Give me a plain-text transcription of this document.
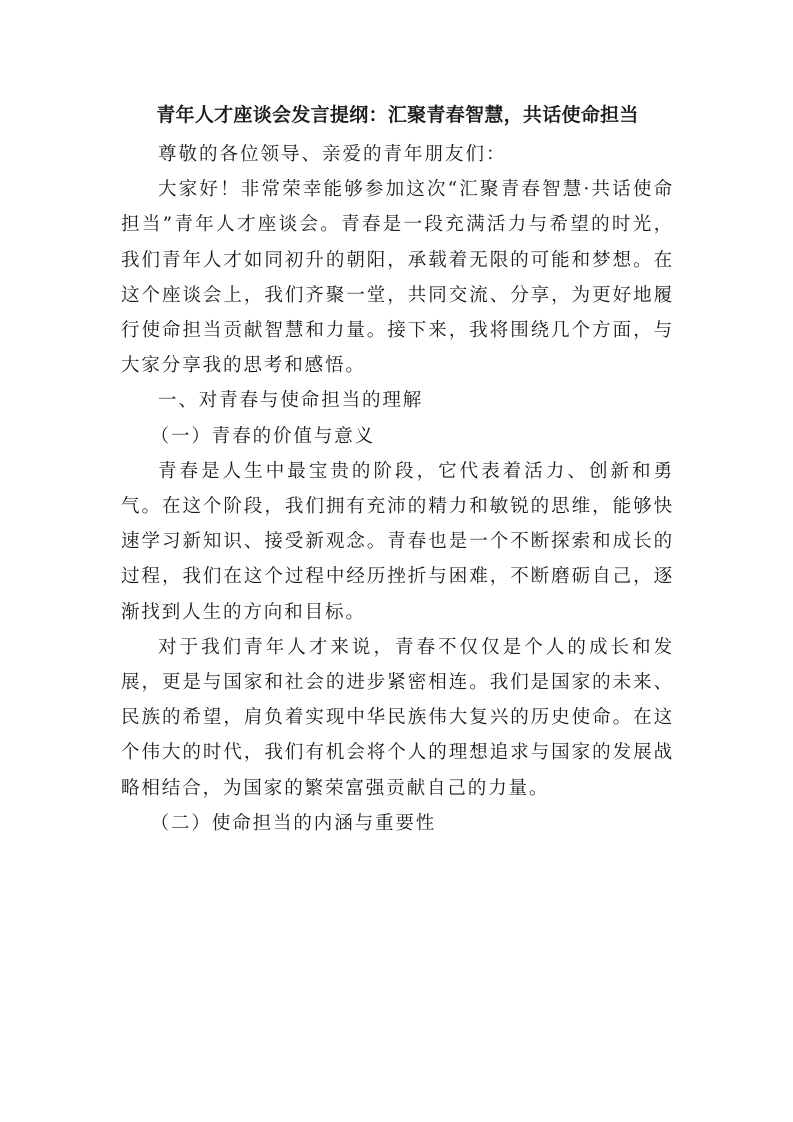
青年人才座谈会发言提纲：汇聚青春智慧，共话使命担当

尊敬的各位领导、亲爱的青年朋友们：

大家好！非常荣幸能够参加这次“汇聚青春智慧·共话使命担当”青年人才座谈会。青春是一段充满活力与希望的时光，我们青年人才如同初升的朝阳，承载着无限的可能和梦想。在这个座谈会上，我们齐聚一堂，共同交流、分享，为更好地履行使命担当贡献智慧和力量。接下来，我将围绕几个方面，与大家分享我的思考和感悟。

一、对青春与使命担当的理解

（一）青春的价值与意义

青春是人生中最宝贵的阶段，它代表着活力、创新和勇气。在这个阶段，我们拥有充沛的精力和敏锐的思维，能够快速学习新知识、接受新观念。青春也是一个不断探索和成长的过程，我们在这个过程中经历挫折与困难，不断磨砺自己，逐渐找到人生的方向和目标。

对于我们青年人才来说，青春不仅仅是个人的成长和发展，更是与国家和社会的进步紧密相连。我们是国家的未来、民族的希望，肩负着实现中华民族伟大复兴的历史使命。在这个伟大的时代，我们有机会将个人的理想追求与国家的发展战略相结合，为国家的繁荣富强贡献自己的力量。

（二）使命担当的内涵与重要性
